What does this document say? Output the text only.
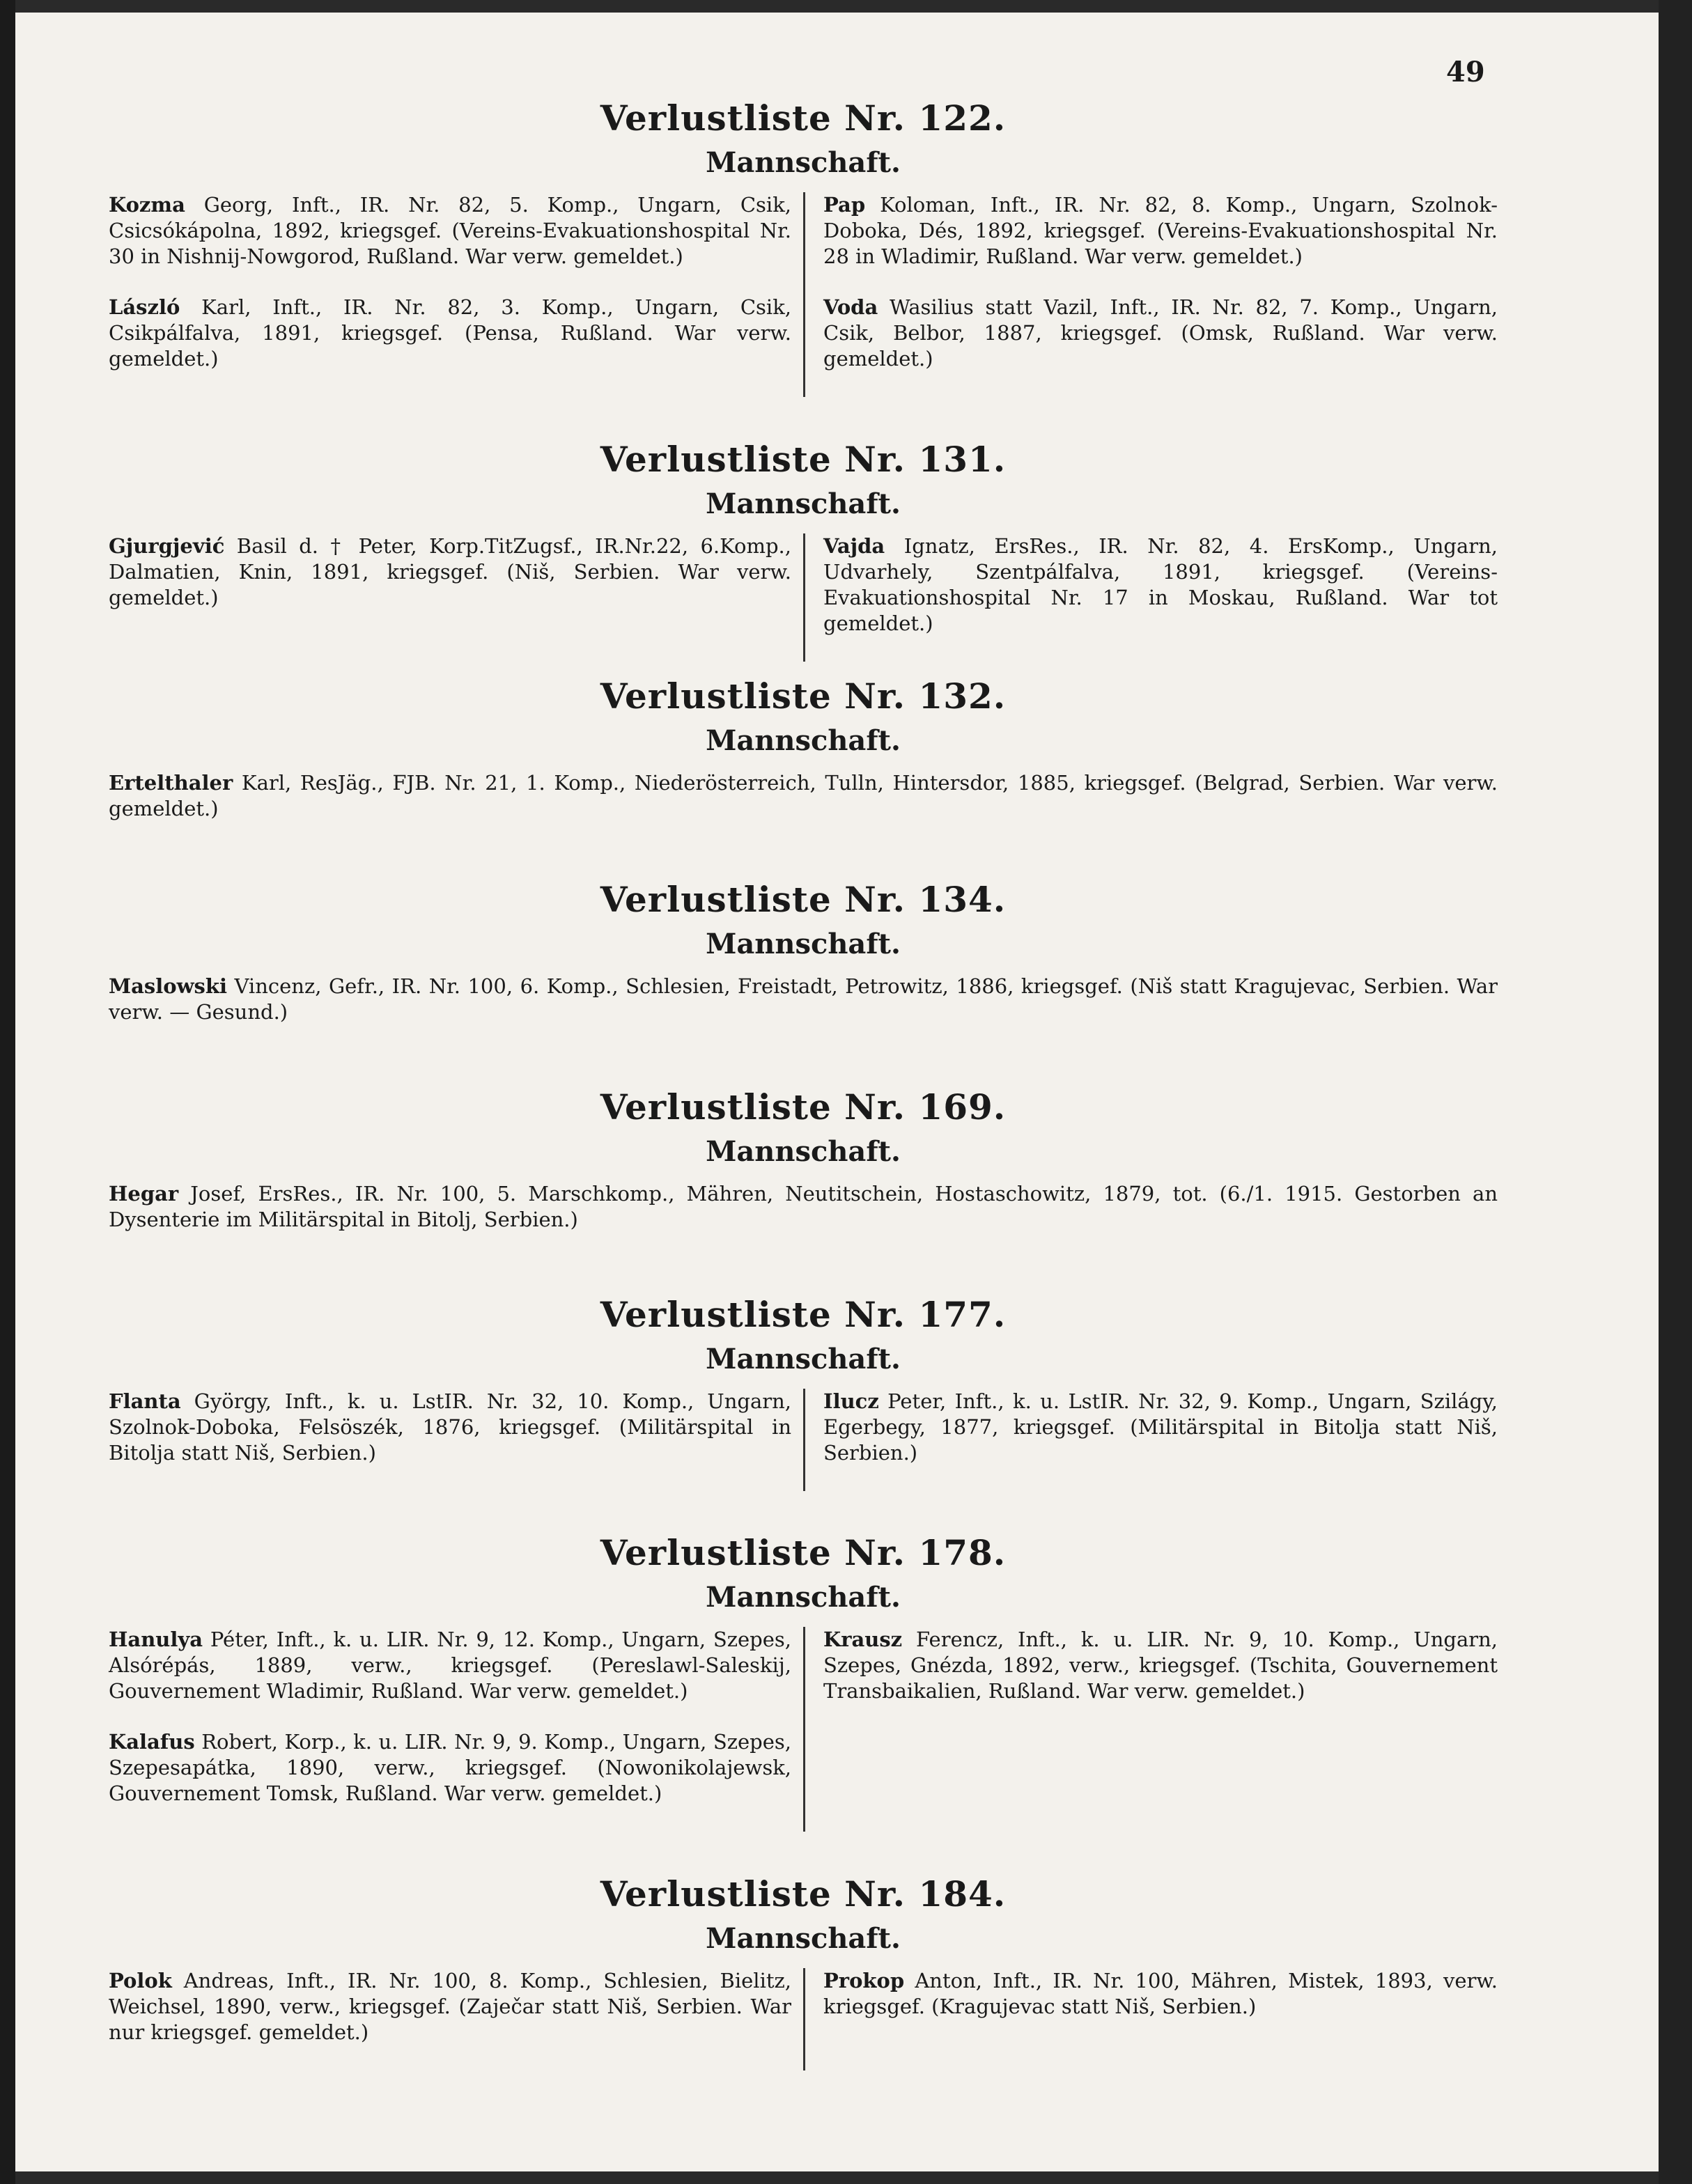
49
Verlustliste Nr. 122.
Mannschaft.

Kozma Georg, Inft., IR. Nr. 82, 5. Komp., Ungarn, Csik, Csicsókápolna, 1892, kriegsgef. (Vereins-Evakuationshospital Nr. 30 in Nishnij-Nowgorod, Rußland. War verw. gemeldet.)

László Karl, Inft., IR. Nr. 82, 3. Komp., Ungarn, Csik, Csikpálfalva, 1891, kriegsgef. (Pensa, Rußland. War verw. gemeldet.)

Pap Koloman, Inft., IR. Nr. 82, 8. Komp., Ungarn, Szolnok-Doboka, Dés, 1892, kriegsgef. (Vereins-Evakuationshospital Nr. 28 in Wladimir, Rußland. War verw. gemeldet.)

Voda Wasilius statt Vazil, Inft., IR. Nr. 82, 7. Komp., Ungarn, Csik, Belbor, 1887, kriegsgef. (Omsk, Rußland. War verw. gemeldet.)

Verlustliste Nr. 131.
Mannschaft.

Gjurgjević Basil d. † Peter, Korp.TitZugsf., IR.Nr.22, 6.Komp., Dalmatien, Knin, 1891, kriegsgef. (Niš, Serbien. War verw. gemeldet.)

Vajda Ignatz, ErsRes., IR. Nr. 82, 4. ErsKomp., Ungarn, Udvarhely, Szentpálfalva, 1891, kriegsgef. (Vereins-Evakuationshospital Nr. 17 in Moskau, Rußland. War tot gemeldet.)

Verlustliste Nr. 132.
Mannschaft.

Ertelthaler Karl, ResJäg., FJB. Nr. 21, 1. Komp., Niederösterreich, Tulln, Hintersdor, 1885, kriegsgef. (Belgrad, Serbien. War verw. gemeldet.)

Verlustliste Nr. 134.
Mannschaft.

Maslowski Vincenz, Gefr., IR. Nr. 100, 6. Komp., Schlesien, Freistadt, Petrowitz, 1886, kriegsgef. (Niš statt Kragujevac, Serbien. War verw. — Gesund.)

Verlustliste Nr. 169.
Mannschaft.

Hegar Josef, ErsRes., IR. Nr. 100, 5. Marschkomp., Mähren, Neutitschein, Hostaschowitz, 1879, tot. (6./1. 1915. Gestorben an Dysenterie im Militärspital in Bitolj, Serbien.)

Verlustliste Nr. 177.
Mannschaft.

Flanta György, Inft., k. u. LstIR. Nr. 32, 10. Komp., Ungarn, Szolnok-Doboka, Felsöszék, 1876, kriegsgef. (Militärspital in Bitolja statt Niš, Serbien.)

Ilucz Peter, Inft., k. u. LstIR. Nr. 32, 9. Komp., Ungarn, Szilágy, Egerbegy, 1877, kriegsgef. (Militärspital in Bitolja statt Niš, Serbien.)

Verlustliste Nr. 178.
Mannschaft.

Hanulya Péter, Inft., k. u. LIR. Nr. 9, 12. Komp., Ungarn, Szepes, Alsórépás, 1889, verw., kriegsgef. (Pereslawl-Saleskij, Gouvernement Wladimir, Rußland. War verw. gemeldet.)

Kalafus Robert, Korp., k. u. LIR. Nr. 9, 9. Komp., Ungarn, Szepes, Szepesapátka, 1890, verw., kriegsgef. (Nowonikolajewsk, Gouvernement Tomsk, Rußland. War verw. gemeldet.)

Krausz Ferencz, Inft., k. u. LIR. Nr. 9, 10. Komp., Ungarn, Szepes, Gnézda, 1892, verw., kriegsgef. (Tschita, Gouvernement Transbaikalien, Rußland. War verw. gemeldet.)

Verlustliste Nr. 184.
Mannschaft.

Polok Andreas, Inft., IR. Nr. 100, 8. Komp., Schlesien, Bielitz, Weichsel, 1890, verw., kriegsgef. (Zaječar statt Niš, Serbien. War nur kriegsgef. gemeldet.)

Prokop Anton, Inft., IR. Nr. 100, Mähren, Mistek, 1893, verw. kriegsgef. (Kragujevac statt Niš, Serbien.)
